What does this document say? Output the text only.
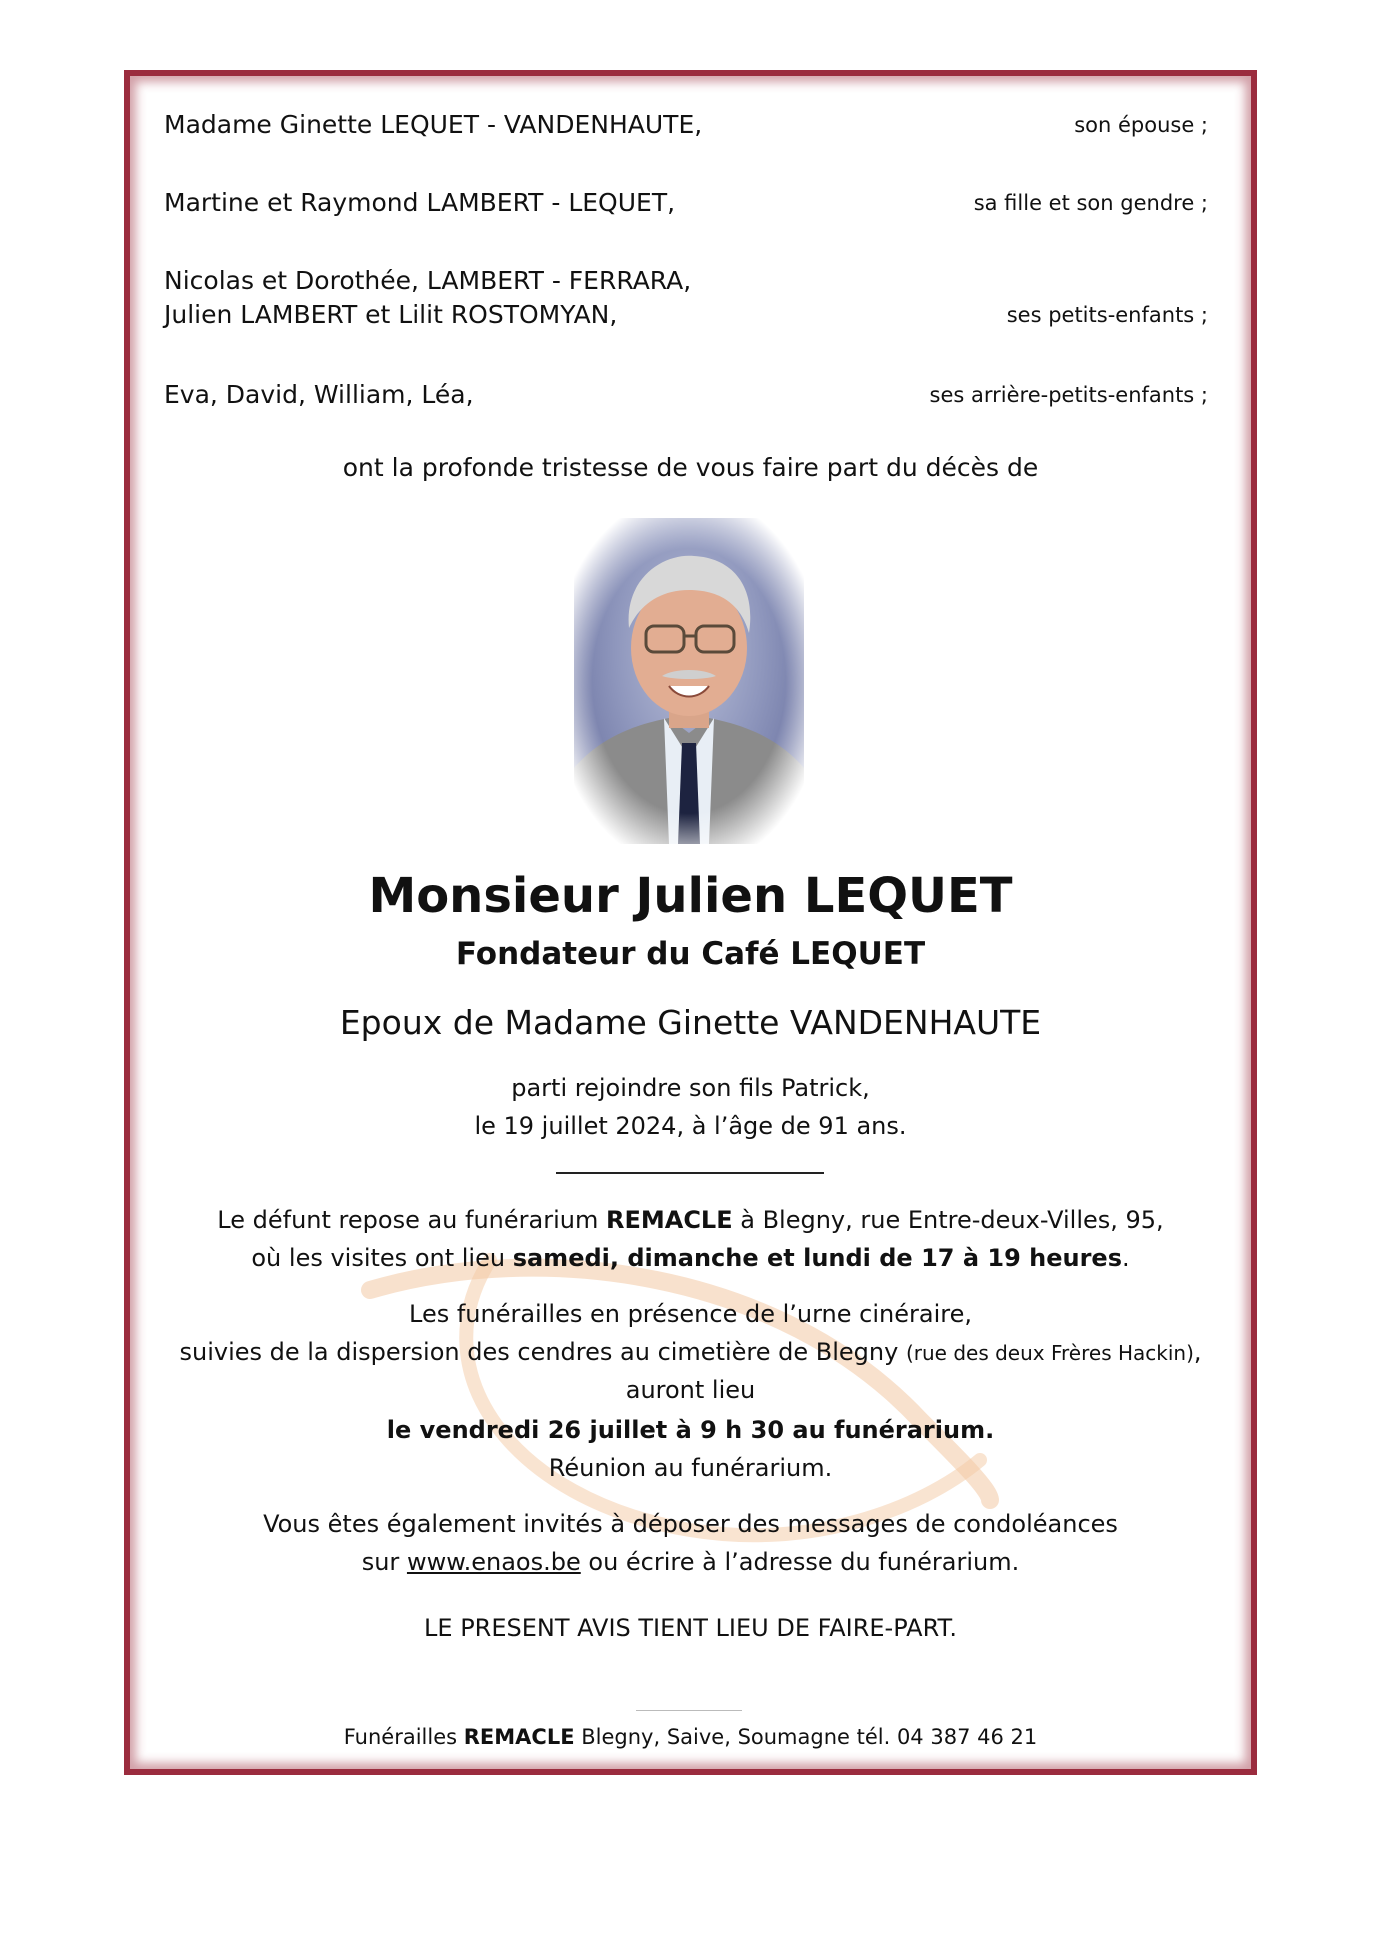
Madame Ginette LEQUET - VANDENHAUTE,	son épouse ;
Martine et Raymond LAMBERT - LEQUET,	sa fille et son gendre ;
Nicolas et Dorothée, LAMBERT - FERRARA,
Julien LAMBERT et Lilit ROSTOMYAN,	ses petits-enfants ;
Eva, David, William, Léa,	ses arrière-petits-enfants ;
ont la profonde tristesse de vous faire part du décès de
Monsieur Julien LEQUET
Fondateur du Café LEQUET
Epoux de Madame Ginette VANDENHAUTE
parti rejoindre son fils Patrick,
le 19 juillet 2024, à l’âge de 91 ans.
Le défunt repose au funérarium REMACLE à Blegny, rue Entre-deux-Villes, 95,
où les visites ont lieu samedi, dimanche et lundi de 17 à 19 heures.
Les funérailles en présence de l’urne cinéraire,
suivies de la dispersion des cendres au cimetière de Blegny (rue des deux Frères Hackin),
auront lieu
le vendredi 26 juillet à 9 h 30 au funérarium.
Réunion au funérarium.
Vous êtes également invités à déposer des messages de condoléances
sur www.enaos.be ou écrire à l’adresse du funérarium.
LE PRESENT AVIS TIENT LIEU DE FAIRE-PART.
Funérailles REMACLE Blegny, Saive, Soumagne tél. 04 387 46 21
